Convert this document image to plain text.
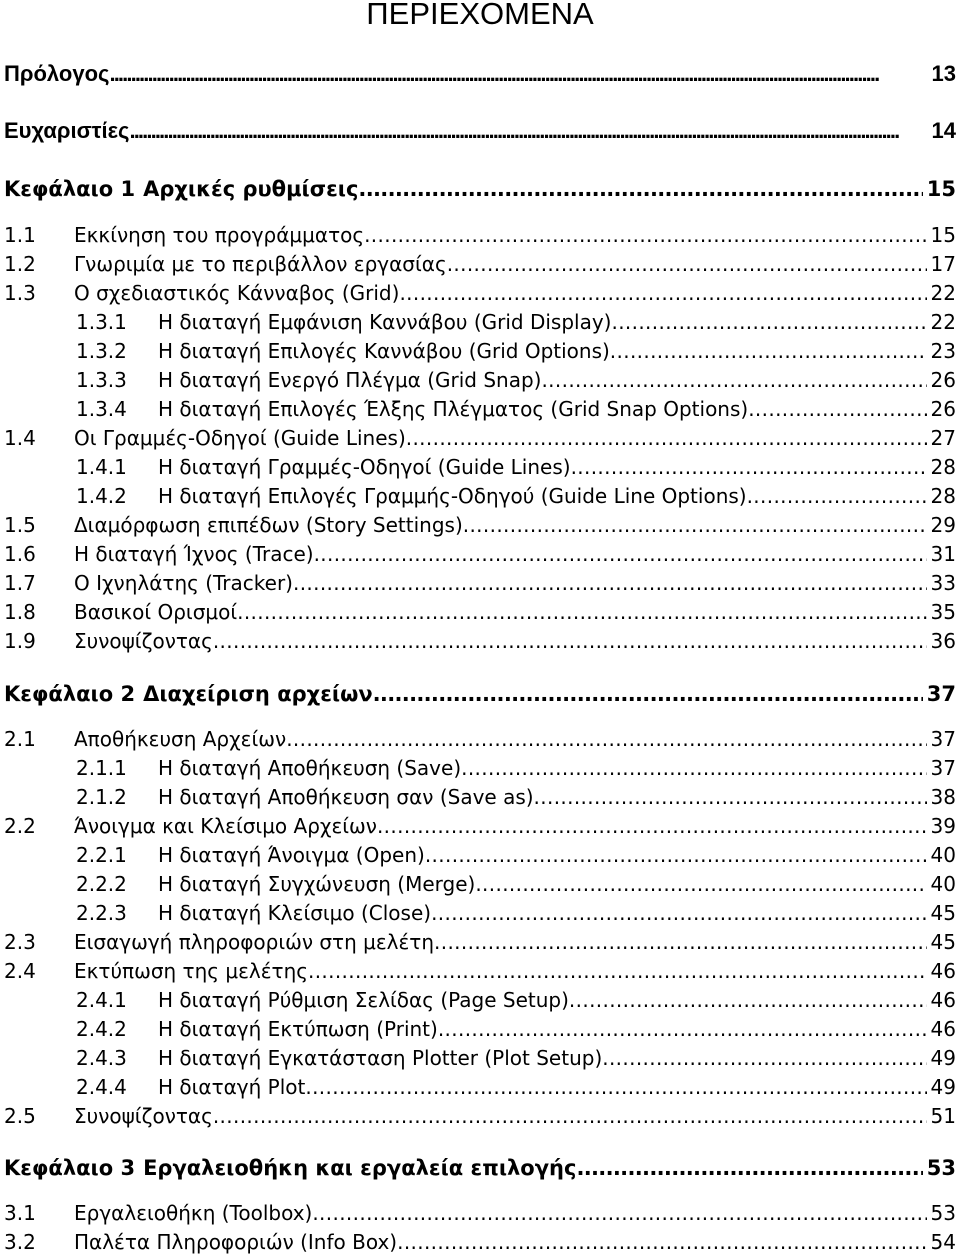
ΠΕΡΙΕΧΟΜΕΝΑ
Πρόλογος . . .	13
Ευχαριστίες . . .	14
Κεφάλαιο 1 Αρχικές ρυθμίσεις . . .	15
1.1	Εκκίνηση του προγράμματος . . .	15
1.2	Γνωριμία με το περιβάλλον εργασίας . . .	17
1.3	Ο σχεδιαστικός Κάνναβος (Grid) . . .	22
1.3.1	Η διαταγή Εμφάνιση Καννάβου (Grid Display) . . .	22
1.3.2	Η διαταγή Επιλογές Καννάβου (Grid Options) . . .	23
1.3.3	Η διαταγή Ενεργό Πλέγμα (Grid Snap) . . .	26
1.3.4	Η διαταγή Επιλογές Έλξης Πλέγματος (Grid Snap Options) . . .	26
1.4	Οι Γραμμές-Οδηγοί (Guide Lines) . . .	27
1.4.1	Η διαταγή Γραμμές-Οδηγοί (Guide Lines) . . .	28
1.4.2	Η διαταγή Επιλογές Γραμμής-Οδηγού (Guide Line Options) . . .	28
1.5	Διαμόρφωση επιπέδων (Story Settings) . . .	29
1.6	Η διαταγή Ίχνος (Trace) . . .	31
1.7	Ο Ιχνηλάτης (Tracker) . . .	33
1.8	Βασικοί Ορισμοί . . .	35
1.9	Συνοψίζοντας . . .	36
Κεφάλαιο 2 Διαχείριση αρχείων . . .	37
2.1	Αποθήκευση Αρχείων . . .	37
2.1.1	Η διαταγή Αποθήκευση (Save) . . .	37
2.1.2	Η διαταγή Αποθήκευση σαν (Save as) . . .	38
2.2	Άνοιγμα και Κλείσιμο Αρχείων . . .	39
2.2.1	Η διαταγή Άνοιγμα (Open) . . .	40
2.2.2	Η διαταγή Συγχώνευση (Merge) . . .	40
2.2.3	Η διαταγή Κλείσιμο (Close) . . .	45
2.3	Εισαγωγή πληροφοριών στη μελέτη . . .	45
2.4	Εκτύπωση της μελέτης . . .	46
2.4.1	Η διαταγή Ρύθμιση Σελίδας (Page Setup) . . .	46
2.4.2	Η διαταγή Εκτύπωση (Print) . . .	46
2.4.3	Η διαταγή Εγκατάσταση Plotter (Plot Setup) . . .	49
2.4.4	Η διαταγή Plot . . .	49
2.5	Συνοψίζοντας . . .	51
Κεφάλαιο 3 Εργαλειοθήκη και εργαλεία επιλογής . . .	53
3.1	Εργαλειοθήκη (Toolbox) . . .	53
3.2	Παλέτα Πληροφοριών (Info Box) . . .	54
